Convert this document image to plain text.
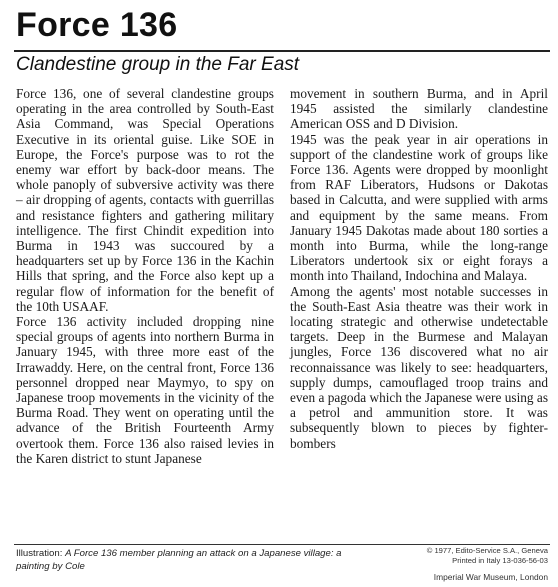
Force 136
Clandestine group in the Far East

Force 136, one of several clandestine groups operating in the area controlled by South-East Asia Command, was Special Operations Executive in its oriental guise. Like SOE in Europe, the Force's purpose was to rot the enemy war effort by back-door means. The whole panoply of subversive activity was there – air dropping of agents, contacts with guerrillas and resistance fighters and gathering military intelligence. The first Chindit expedition into Burma in 1943 was succoured by a headquarters set up by Force 136 in the Kachin Hills that spring, and the Force also kept up a regular flow of information for the benefit of the 10th USAAF.

Force 136 activity included dropping nine special groups of agents into northern Burma in January 1945, with three more east of the Irrawaddy. Here, on the central front, Force 136 personnel dropped near Maymyo, to spy on Japanese troop movements in the vicinity of the Burma Road. They went on operating until the advance of the British Fourteenth Army overtook them. Force 136 also raised levies in the Karen district to stunt Japanese

movement in southern Burma, and in April 1945 assisted the similarly clandestine American OSS and D Division.

1945 was the peak year in air operations in support of the clandestine work of groups like Force 136. Agents were dropped by moonlight from RAF Liberators, Hudsons or Dakotas based in Calcutta, and were supplied with arms and equipment by the same means. From January 1945 Dakotas made about 180 sorties a month into Burma, while the long-range Liberators undertook six or eight forays a month into Thailand, Indochina and Malaya.

Among the agents' most notable successes in the South-East Asia theatre was their work in locating strategic and otherwise undetectable targets. Deep in the Burmese and Malayan jungles, Force 136 discovered what no air reconnaissance was likely to see: headquarters, supply dumps, camouflaged troop trains and even a pagoda which the Japanese were using as a petrol and ammunition store. It was subsequently blown to pieces by fighter-bombers

Illustration: A Force 136 member planning an attack on a Japanese village: a painting by Cole
© 1977, Edito-Service S.A., Geneva
Printed in Italy 13-036-56-03
Imperial War Museum, London
